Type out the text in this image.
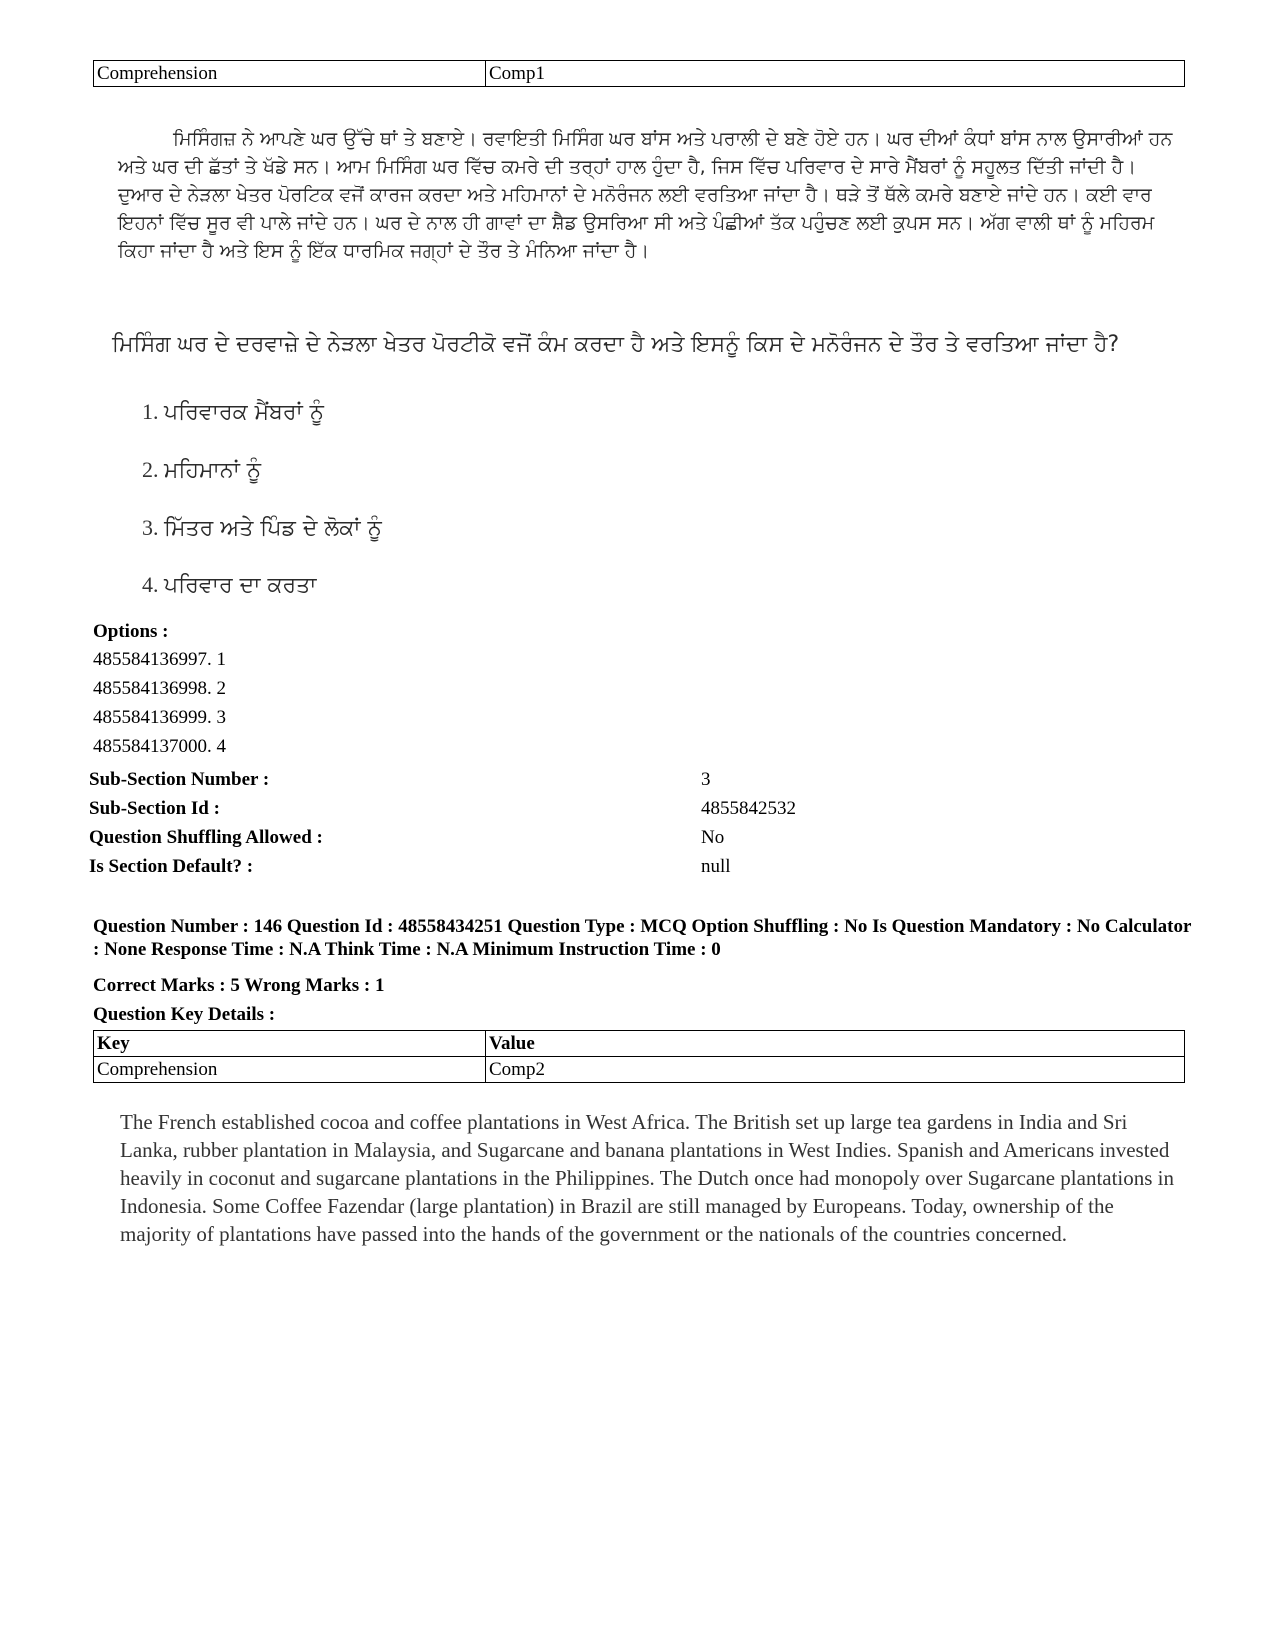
Comprehension	Comp1
ਮਿਸਿੰਗਜ਼ ਨੇ ਆਪਣੇ ਘਰ ਉੱਚੇ ਥਾਂ ਤੇ ਬਣਾਏ। ਰਵਾਇਤੀ ਮਿਸਿੰਗ ਘਰ ਬਾਂਸ ਅਤੇ ਪਰਾਲੀ ਦੇ ਬਣੇ ਹੋਏ ਹਨ। ਘਰ ਦੀਆਂ ਕੰਧਾਂ ਬਾਂਸ ਨਾਲ ਉਸਾਰੀਆਂ ਹਨ ਅਤੇ ਘਰ ਦੀ ਛੱਤਾਂ ਤੇ ਖੱਡੇ ਸਨ। ਆਮ ਮਿਸਿੰਗ ਘਰ ਵਿੱਚ ਕਮਰੇ ਦੀ ਤਰ੍ਹਾਂ ਹਾਲ ਹੁੰਦਾ ਹੈ, ਜਿਸ ਵਿੱਚ ਪਰਿਵਾਰ ਦੇ ਸਾਰੇ ਮੈਂਬਰਾਂ ਨੂੰ ਸਹੂਲਤ ਦਿੱਤੀ ਜਾਂਦੀ ਹੈ। ਦੁਆਰ ਦੇ ਨੇੜਲਾ ਖੇਤਰ ਪੋਰਟਿਕ ਵਜੋਂ ਕਾਰਜ ਕਰਦਾ ਅਤੇ ਮਹਿਮਾਨਾਂ ਦੇ ਮਨੋਰੰਜਨ ਲਈ ਵਰਤਿਆ ਜਾਂਦਾ ਹੈ। ਥੜੇ ਤੋਂ ਥੱਲੇ ਕਮਰੇ ਬਣਾਏ ਜਾਂਦੇ ਹਨ। ਕਈ ਵਾਰ ਇਹਨਾਂ ਵਿੱਚ ਸੂਰ ਵੀ ਪਾਲੇ ਜਾਂਦੇ ਹਨ। ਘਰ ਦੇ ਨਾਲ ਹੀ ਗਾਵਾਂ ਦਾ ਸ਼ੈਡ ਉਸਰਿਆ ਸੀ ਅਤੇ ਪੰਛੀਆਂ ਤੱਕ ਪਹੁੰਚਣ ਲਈ ਕੁਪਸ ਸਨ। ਅੱਗ ਵਾਲੀ ਥਾਂ ਨੂੰ ਮਹਿਰਮ ਕਿਹਾ ਜਾਂਦਾ ਹੈ ਅਤੇ ਇਸ ਨੂੰ ਇੱਕ ਧਾਰਮਿਕ ਜਗ੍ਹਾਂ ਦੇ ਤੌਰ ਤੇ ਮੰਨਿਆ ਜਾਂਦਾ ਹੈ।
ਮਿਸਿੰਗ ਘਰ ਦੇ ਦਰਵਾਜ਼ੇ ਦੇ ਨੇੜਲਾ ਖੇਤਰ ਪੋਰਟੀਕੋ ਵਜੋਂ ਕੰਮ ਕਰਦਾ ਹੈ ਅਤੇ ਇਸਨੂੰ ਕਿਸ ਦੇ ਮਨੋਰੰਜਨ ਦੇ ਤੌਰ ਤੇ ਵਰਤਿਆ ਜਾਂਦਾ ਹੈ?
1. ਪਰਿਵਾਰਕ ਮੈਂਬਰਾਂ ਨੂੰ
2. ਮਹਿਮਾਨਾਂ ਨੂੰ
3. ਮਿੱਤਰ ਅਤੇ ਪਿੰਡ ਦੇ ਲੋਕਾਂ ਨੂੰ
4. ਪਰਿਵਾਰ ਦਾ ਕਰਤਾ
Options :
485584136997. 1
485584136998. 2
485584136999. 3
485584137000. 4
Sub-Section Number :	3
Sub-Section Id :	4855842532
Question Shuffling Allowed :	No
Is Section Default? :	null
Question Number : 146 Question Id : 48558434251 Question Type : MCQ Option Shuffling : No Is Question Mandatory : No Calculator : None Response Time : N.A Think Time : N.A Minimum Instruction Time : 0
Correct Marks : 5 Wrong Marks : 1
Question Key Details :
Key	Value
Comprehension	Comp2
The French established cocoa and coffee plantations in West Africa. The British set up large tea gardens in India and Sri Lanka, rubber plantation in Malaysia, and Sugarcane and banana plantations in West Indies. Spanish and Americans invested heavily in coconut and sugarcane plantations in the Philippines. The Dutch once had monopoly over Sugarcane plantations in Indonesia. Some Coffee Fazendar (large plantation) in Brazil are still managed by Europeans. Today, ownership of the majority of plantations have passed into the hands of the government or the nationals of the countries concerned.
